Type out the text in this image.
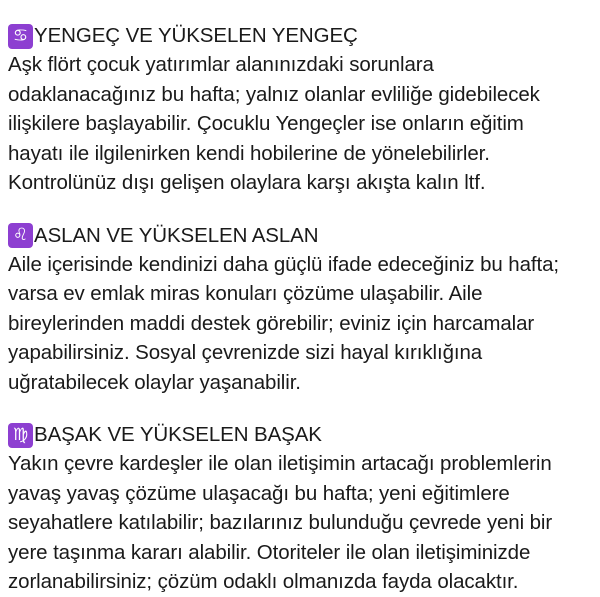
♋ YENGEÇ VE YÜKSELEN YENGEÇ
Aşk flört çocuk yatırımlar alanınızdaki sorunlara
odaklanacağınız bu hafta; yalnız olanlar evliliğe gidebilecek
ilişkilere başlayabilir. Çocuklu Yengeçler ise onların eğitim
hayatı ile ilgilenirken kendi hobilerine de yönelebilirler.
Kontrolünüz dışı gelişen olaylara karşı akışta kalın ltf.
♌ ASLAN VE YÜKSELEN ASLAN
Aile içerisinde kendinizi daha güçlü ifade edeceğiniz bu hafta;
varsa ev emlak miras konuları çözüme ulaşabilir. Aile
bireylerinden maddi destek görebilir; eviniz için harcamalar
yapabilirsiniz. Sosyal çevrenizde sizi hayal kırıklığına
uğratabilecek olaylar yaşanabilir.
♍ BAŞAK VE YÜKSELEN BAŞAK
Yakın çevre kardeşler ile olan iletişimin artacağı problemlerin
yavaş yavaş çözüme ulaşacağı bu hafta; yeni eğitimlere
seyahatlere katılabilir; bazılarınız bulunduğu çevrede yeni bir
yere taşınma kararı alabilir. Otoriteler ile olan iletişiminizde
zorlanabilirsiniz; çözüm odaklı olmanızda fayda olacaktır.
